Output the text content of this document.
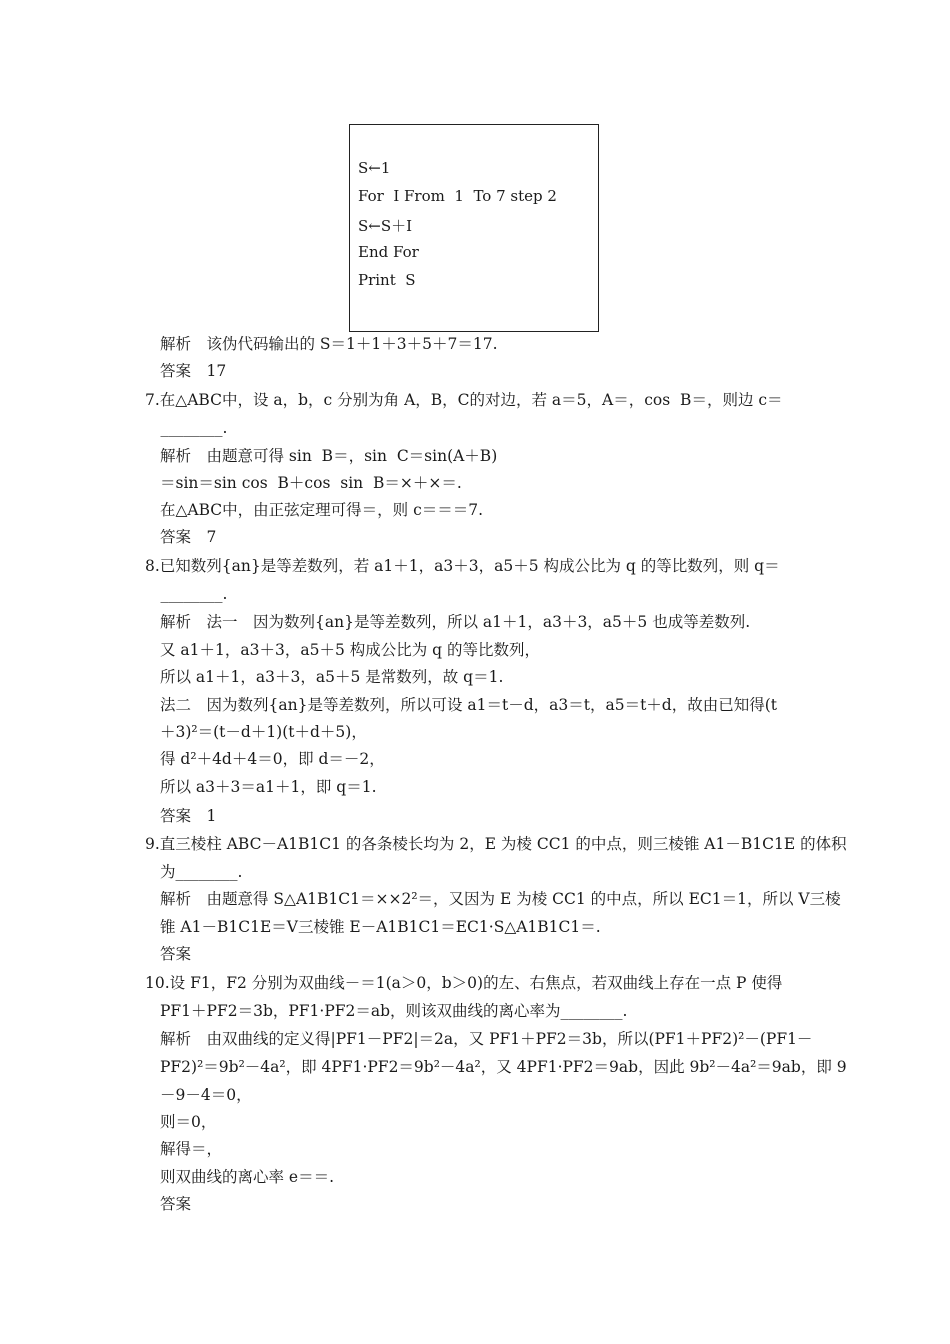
S←1
For  I From  1  To 7 step 2
S←S＋I
End For
Print  S
解析　该伪代码输出的 S＝1＋1＋3＋5＋7＝17.
答案　17
7.在△ABC中，设 a，b，c 分别为角 A，B，C的对边，若 a＝5，A＝，cos  B＝，则边 c＝
　________.
解析　由题意可得 sin  B＝，sin  C＝sin(A＋B)
＝sin＝sin cos  B＋cos  sin  B＝×＋×＝.
在△ABC中，由正弦定理可得＝，则 c＝＝＝7.
答案　7
8.已知数列{an}是等差数列，若 a1＋1，a3＋3，a5＋5 构成公比为 q 的等比数列，则 q＝
　________.
解析　法一　因为数列{an}是等差数列，所以 a1＋1，a3＋3，a5＋5 也成等差数列.
又 a1＋1，a3＋3，a5＋5 构成公比为 q 的等比数列，
所以 a1＋1，a3＋3，a5＋5 是常数列，故 q＝1.
法二　因为数列{an}是等差数列，所以可设 a1＝t－d，a3＝t，a5＝t＋d，故由已知得(t
＋3)²＝(t－d＋1)(t＋d＋5)，
得 d²＋4d＋4＝0，即 d＝－2，
所以 a3＋3＝a1＋1，即 q＝1.
答案　1
9.直三棱柱 ABC－A1B1C1 的各条棱长均为 2，E 为棱 CC1 的中点，则三棱锥 A1－B1C1E 的体积
为________.
解析　由题意得 S△A1B1C1＝××2²＝，又因为 E 为棱 CC1 的中点，所以 EC1＝1，所以 V三棱
锥 A1－B1C1E＝V三棱锥 E－A1B1C1＝EC1·S△A1B1C1＝.
答案
10.设 F1，F2 分别为双曲线－＝1(a＞0，b＞0)的左、右焦点，若双曲线上存在一点 P 使得
PF1＋PF2＝3b，PF1·PF2＝ab，则该双曲线的离心率为________.
解析　由双曲线的定义得|PF1－PF2|＝2a，又 PF1＋PF2＝3b，所以(PF1＋PF2)²－(PF1－
PF2)²＝9b²－4a²，即 4PF1·PF2＝9b²－4a²，又 4PF1·PF2＝9ab，因此 9b²－4a²＝9ab，即 9
－9－4＝0，
则＝0，
解得＝，
则双曲线的离心率 e＝＝.
答案
